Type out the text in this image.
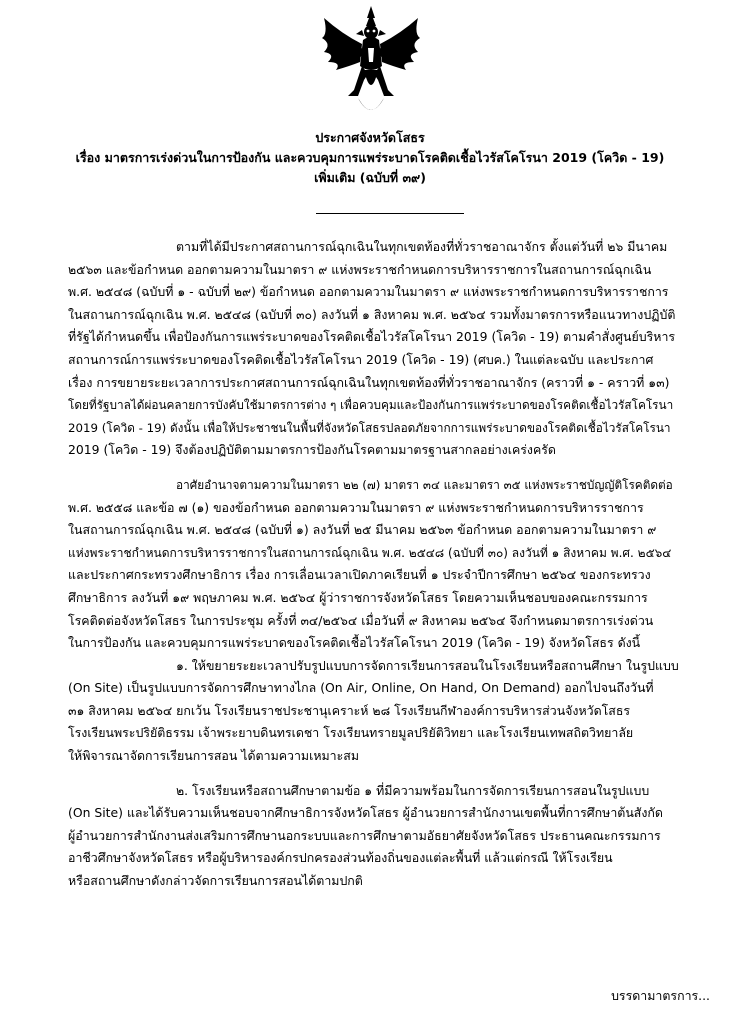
ประกาศจังหวัดโสธร
เรื่อง มาตรการเร่งด่วนในการป้องกัน และควบคุมการแพร่ระบาดโรคติดเชื้อไวรัสโคโรนา 2019 (โควิด - 19)
เพิ่มเติม (ฉบับที่ ๓๙)
ตามที่ได้มีประกาศสถานการณ์ฉุกเฉินในทุกเขตท้องที่ทั่วราชอาณาจักร ตั้งแต่วันที่ ๒๖ มีนาคม
๒๕๖๓ และข้อกำหนด ออกตามความในมาตรา ๙ แห่งพระราชกำหนดการบริหารราชการในสถานการณ์ฉุกเฉิน
พ.ศ. ๒๕๔๘ (ฉบับที่ ๑ - ฉบับที่ ๒๙) ข้อกำหนด ออกตามความในมาตรา ๙ แห่งพระราชกำหนดการบริหารราชการ
ในสถานการณ์ฉุกเฉิน พ.ศ. ๒๕๔๘ (ฉบับที่ ๓๐) ลงวันที่ ๑ สิงหาคม พ.ศ. ๒๕๖๔ รวมทั้งมาตรการหรือแนวทางปฏิบัติ
ที่รัฐได้กำหนดขึ้น เพื่อป้องกันการแพร่ระบาดของโรคติดเชื้อไวรัสโคโรนา 2019 (โควิด - 19) ตามคำสั่งศูนย์บริหาร
สถานการณ์การแพร่ระบาดของโรคติดเชื้อไวรัสโคโรนา 2019 (โควิด - 19) (ศบค.) ในแต่ละฉบับ และประกาศ
เรื่อง การขยายระยะเวลาการประกาศสถานการณ์ฉุกเฉินในทุกเขตท้องที่ทั่วราชอาณาจักร (คราวที่ ๑ - คราวที่ ๑๓)
โดยที่รัฐบาลได้ผ่อนคลายการบังคับใช้มาตรการต่าง ๆ เพื่อควบคุมและป้องกันการแพร่ระบาดของโรคติดเชื้อไวรัสโคโรนา
2019 (โควิด - 19) ดังนั้น เพื่อให้ประชาชนในพื้นที่จังหวัดโสธรปลอดภัยจากการแพร่ระบาดของโรคติดเชื้อไวรัสโคโรนา
2019 (โควิด - 19) จึงต้องปฏิบัติตามมาตรการป้องกันโรคตามมาตรฐานสากลอย่างเคร่งครัด
อาศัยอำนาจตามความในมาตรา ๒๒ (๗) มาตรา ๓๔ และมาตรา ๓๕ แห่งพระราชบัญญัติโรคติดต่อ
พ.ศ. ๒๕๕๘ และข้อ ๗ (๑) ของข้อกำหนด ออกตามความในมาตรา ๙ แห่งพระราชกำหนดการบริหารราชการ
ในสถานการณ์ฉุกเฉิน พ.ศ. ๒๕๔๘ (ฉบับที่ ๑) ลงวันที่ ๒๕ มีนาคม ๒๕๖๓ ข้อกำหนด ออกตามความในมาตรา ๙
แห่งพระราชกำหนดการบริหารราชการในสถานการณ์ฉุกเฉิน พ.ศ. ๒๕๔๘ (ฉบับที่ ๓๐) ลงวันที่ ๑ สิงหาคม พ.ศ. ๒๕๖๔
และประกาศกระทรวงศึกษาธิการ เรื่อง การเลื่อนเวลาเปิดภาคเรียนที่ ๑ ประจำปีการศึกษา ๒๕๖๔ ของกระทรวง
ศึกษาธิการ ลงวันที่ ๑๙ พฤษภาคม พ.ศ. ๒๕๖๔ ผู้ว่าราชการจังหวัดโสธร โดยความเห็นชอบของคณะกรรมการ
โรคติดต่อจังหวัดโสธร ในการประชุม ครั้งที่ ๓๔/๒๕๖๔ เมื่อวันที่ ๙ สิงหาคม ๒๕๖๔ จึงกำหนดมาตรการเร่งด่วน
ในการป้องกัน และควบคุมการแพร่ระบาดของโรคติดเชื้อไวรัสโคโรนา 2019 (โควิด - 19) จังหวัดโสธร ดังนี้
๑. ให้ขยายระยะเวลาปรับรูปแบบการจัดการเรียนการสอนในโรงเรียนหรือสถานศึกษา ในรูปแบบ
(On Site) เป็นรูปแบบการจัดการศึกษาทางไกล (On Air, Online, On Hand, On Demand) ออกไปจนถึงวันที่
๓๑ สิงหาคม ๒๕๖๔ ยกเว้น โรงเรียนราชประชานุเคราะห์ ๒๘ โรงเรียนกีฬาองค์การบริหารส่วนจังหวัดโสธร
โรงเรียนพระปริยัติธรรม เจ้าพระยาบดินทรเดชา โรงเรียนทรายมูลปริยัติวิทยา และโรงเรียนเทพสถิตวิทยาลัย
ให้พิจารณาจัดการเรียนการสอน ได้ตามความเหมาะสม
๒. โรงเรียนหรือสถานศึกษาตามข้อ ๑ ที่มีความพร้อมในการจัดการเรียนการสอนในรูปแบบ
(On Site) และได้รับความเห็นชอบจากศึกษาธิการจังหวัดโสธร ผู้อำนวยการสำนักงานเขตพื้นที่การศึกษาต้นสังกัด
ผู้อำนวยการสำนักงานส่งเสริมการศึกษานอกระบบและการศึกษาตามอัธยาศัยจังหวัดโสธร ประธานคณะกรรมการ
อาชีวศึกษาจังหวัดโสธร หรือผู้บริหารองค์กรปกครองส่วนท้องถิ่นของแต่ละพื้นที่ แล้วแต่กรณี ให้โรงเรียน
หรือสถานศึกษาดังกล่าวจัดการเรียนการสอนได้ตามปกติ
บรรดามาตรการ...
